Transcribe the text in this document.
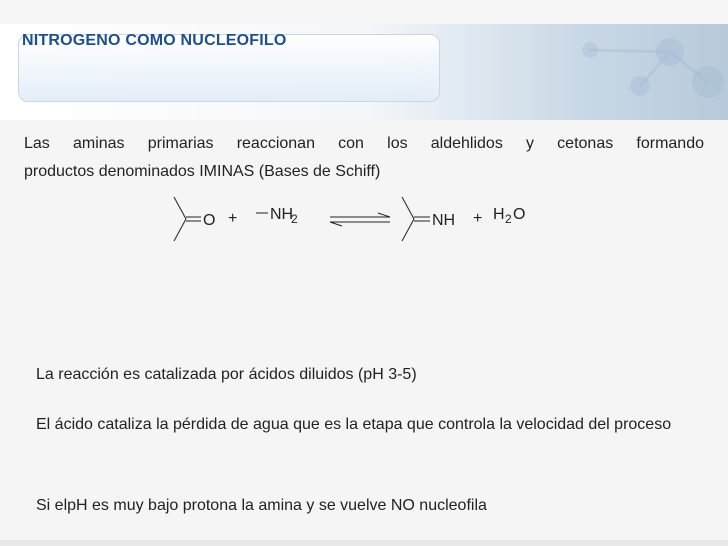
NITROGENO COMO NUCLEOFILO
Las aminas primarias reaccionan con los aldehlidos y cetonas formando
productos denominados IMINAS (Bases de Schiff)
O + NH
2	NH + H 2 O
La reacción es catalizada por ácidos diluidos (pH 3-5)
El ácido cataliza la pérdida de agua que es la etapa que controla la velocidad del proceso
Si elpH es muy bajo protona la amina y se vuelve NO nucleofila
